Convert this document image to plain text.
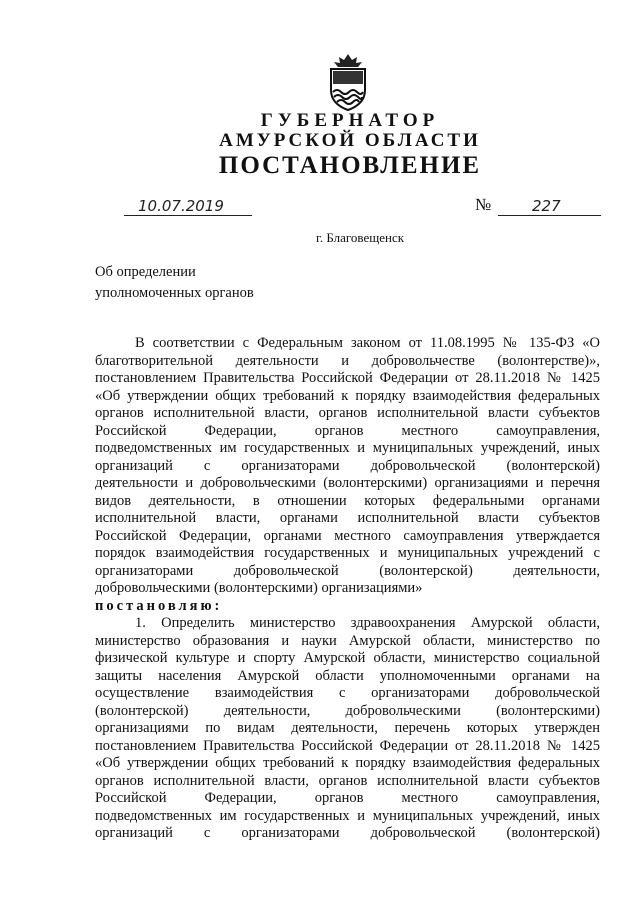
ГУБЕРНАТОР
АМУРСКОЙ ОБЛАСТИ
ПОСТАНОВЛЕНИЕ
10.07.2019	№	227
г. Благовещенск
Об определении
уполномоченных органов
В соответствии с Федеральным законом от 11.08.1995 № 135-ФЗ «О
благотворительной деятельности и добровольчестве (волонтерстве)»,
постановлением Правительства Российской Федерации от 28.11.2018 № 1425
«Об утверждении общих требований к порядку взаимодействия федеральных
органов исполнительной власти, органов исполнительной власти субъектов
Российской Федерации, органов местного самоуправления,
подведомственных им государственных и муниципальных учреждений, иных
организаций с организаторами добровольческой (волонтерской)
деятельности и добровольческими (волонтерскими) организациями и перечня
видов деятельности, в отношении которых федеральными органами
исполнительной власти, органами исполнительной власти субъектов
Российской Федерации, органами местного самоуправления утверждается
порядок взаимодействия государственных и муниципальных учреждений с
организаторами добровольческой (волонтерской) деятельности,
добровольческими (волонтерскими) организациями»
постановляю:
1. Определить министерство здравоохранения Амурской области,
министерство образования и науки Амурской области, министерство по
физической культуре и спорту Амурской области, министерство социальной
защиты населения Амурской области уполномоченными органами на
осуществление взаимодействия с организаторами добровольческой
(волонтерской) деятельности, добровольческими (волонтерскими)
организациями по видам деятельности, перечень которых утвержден
постановлением Правительства Российской Федерации от 28.11.2018 № 1425
«Об утверждении общих требований к порядку взаимодействия федеральных
органов исполнительной власти, органов исполнительной власти субъектов
Российской Федерации, органов местного самоуправления,
подведомственных им государственных и муниципальных учреждений, иных
организаций с организаторами добровольческой (волонтерской)
